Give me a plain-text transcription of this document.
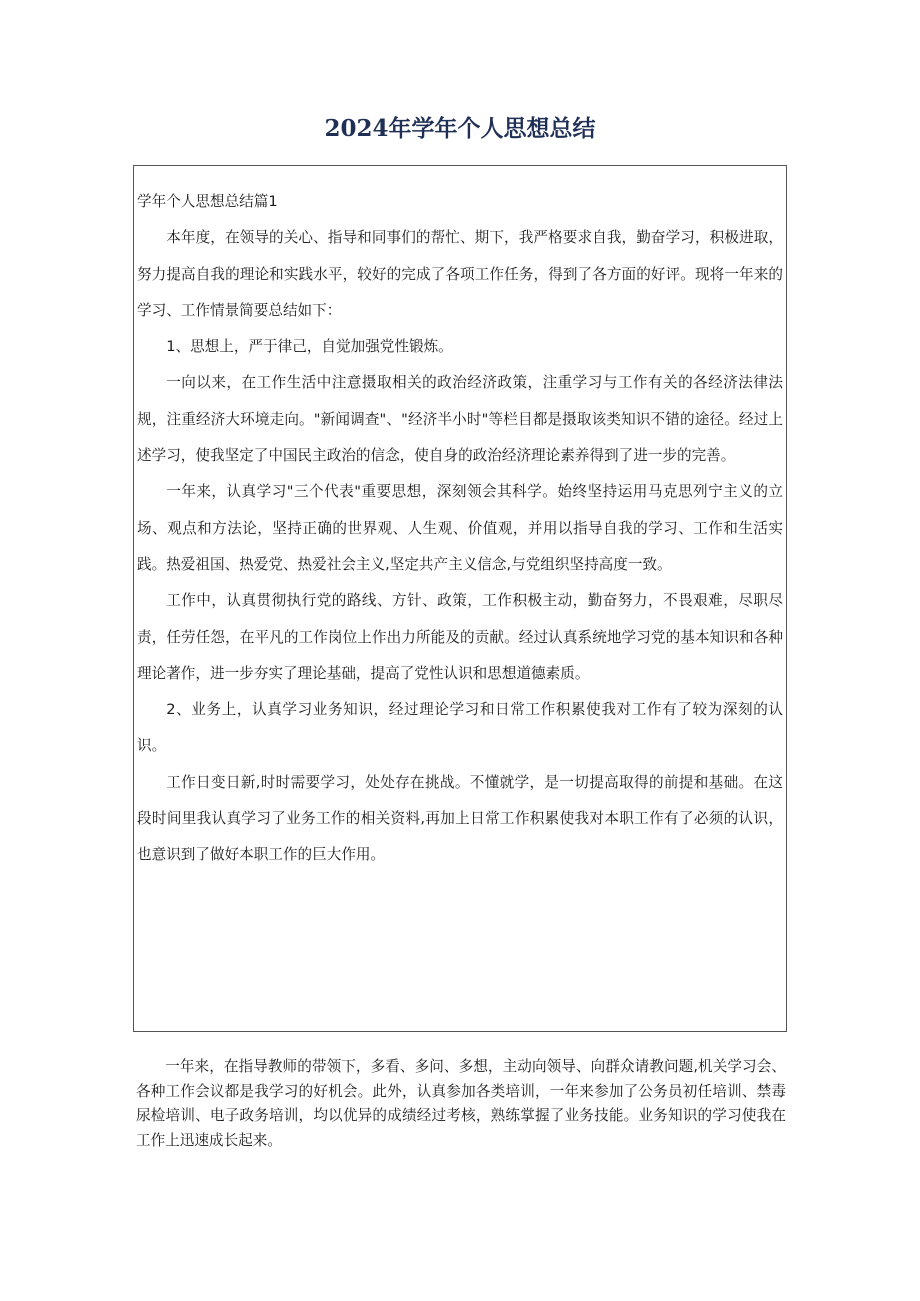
2024年学年个人思想总结

学年个人思想总结篇1

本年度，在领导的关心、指导和同事们的帮忙、期下，我严格要求自我，勤奋学习，积极进取，努力提高自我的理论和实践水平，较好的完成了各项工作任务，得到了各方面的好评。现将一年来的学习、工作情景简要总结如下：

1、思想上，严于律己，自觉加强党性锻炼。

一向以来，在工作生活中注意摄取相关的政治经济政策，注重学习与工作有关的各经济法律法规，注重经济大环境走向。"新闻调查"、"经济半小时"等栏目都是摄取该类知识不错的途径。经过上述学习，使我坚定了中国民主政治的信念，使自身的政治经济理论素养得到了进一步的完善。

一年来，认真学习"三个代表"重要思想，深刻领会其科学。始终坚持运用马克思列宁主义的立场、观点和方法论，坚持正确的世界观、人生观、价值观，并用以指导自我的学习、工作和生活实践。热爱祖国、热爱党、热爱社会主义,坚定共产主义信念,与党组织坚持高度一致。

工作中，认真贯彻执行党的路线、方针、政策，工作积极主动，勤奋努力，不畏艰难，尽职尽责，任劳任怨，在平凡的工作岗位上作出力所能及的贡献。经过认真系统地学习党的基本知识和各种理论著作，进一步夯实了理论基础，提高了党性认识和思想道德素质。

2、业务上，认真学习业务知识，经过理论学习和日常工作积累使我对工作有了较为深刻的认识。

工作日变日新,时时需要学习，处处存在挑战。不懂就学，是一切提高取得的前提和基础。在这段时间里我认真学习了业务工作的相关资料,再加上日常工作积累使我对本职工作有了必须的认识，也意识到了做好本职工作的巨大作用。

一年来，在指导教师的带领下，多看、多问、多想，主动向领导、向群众请教问题,机关学习会、各种工作会议都是我学习的好机会。此外，认真参加各类培训，一年来参加了公务员初任培训、禁毒尿检培训、电子政务培训，均以优异的成绩经过考核，熟练掌握了业务技能。业务知识的学习使我在工作上迅速成长起来。
